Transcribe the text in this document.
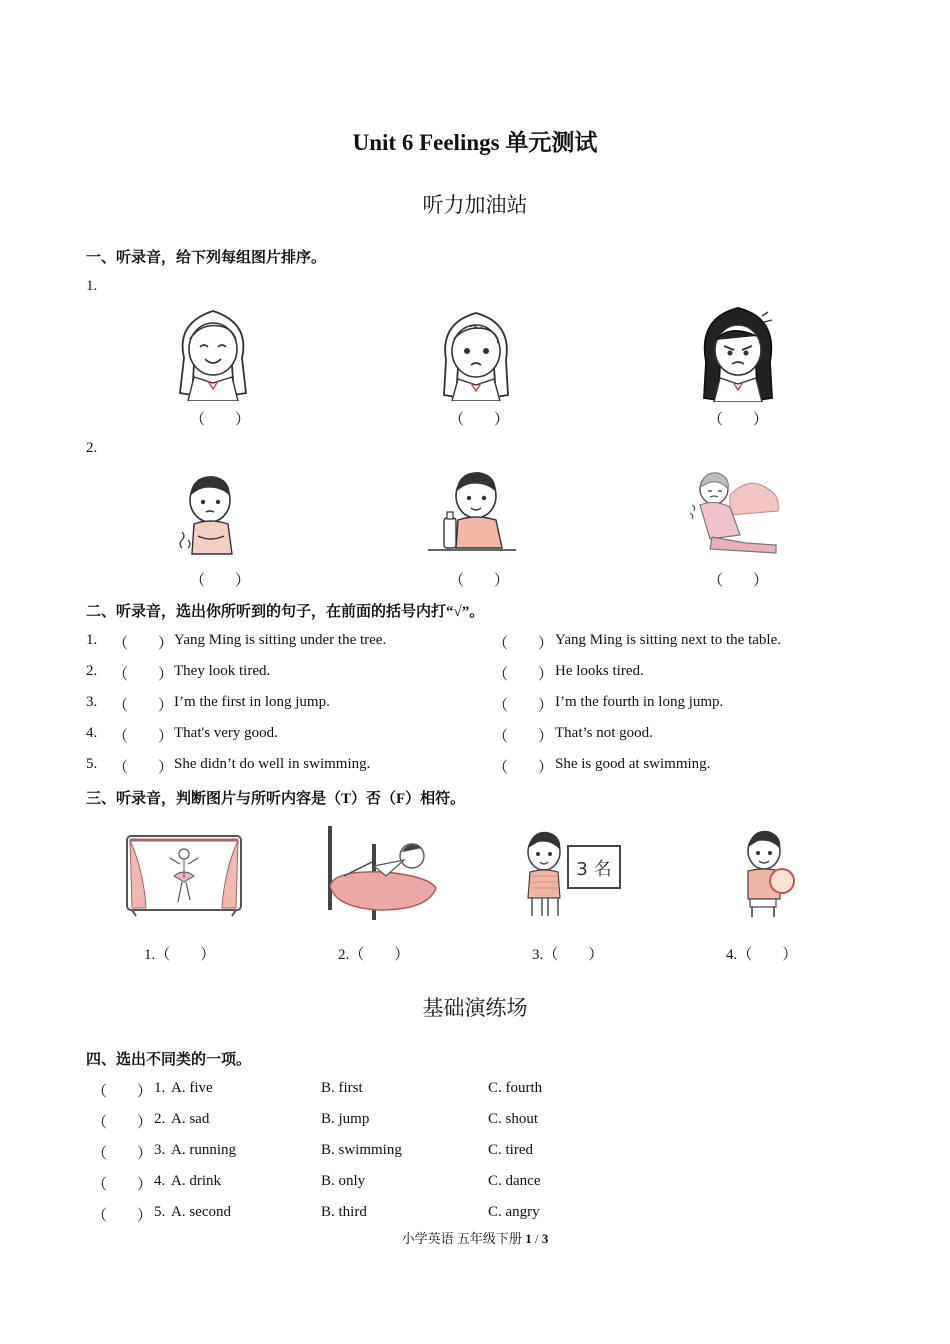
Unit 6 Feelings 单元测试
听力加油站
一、听录音，给下列每组图片排序。
1.
（　　）	（　　）	（　　）
2.
（　　）	（　　）	（　　）
二、听录音，选出你所听到的句子，在前面的括号内打“√”。
1. （　　） Yang Ming is sitting under the tree.	（　　） Yang Ming is sitting next to the table.
2. （　　） They look tired.	（　　） He looks tired.
3. （　　） I’m the first in long jump.	（　　） I’m the fourth in long jump.
4. （　　） That's very good.	（　　） That’s not good.
5. （　　） She didn’t do well in swimming.	（　　） She is good at swimming.
三、听录音，判断图片与所听内容是（T）否（F）相符。
3 名
1.（　　）	2.（　　）	3.（　　）	4.（　　）
基础演练场
四、选出不同类的一项。
（　　） 1. A. five	B. first	C. fourth
（　　） 2. A. sad	B. jump	C. shout
（　　） 3. A. running	B. swimming	C. tired
（　　） 4. A. drink	B. only	C. dance
（　　） 5. A. second	B. third	C. angry
小学英语 五年级下册 1 / 3
